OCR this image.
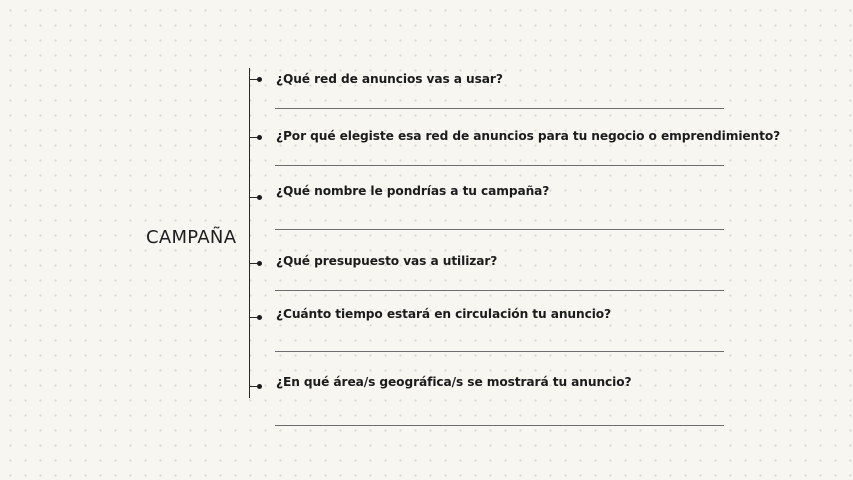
CAMPAÑA
¿Qué red de anuncios vas a usar?
¿Por qué elegiste esa red de anuncios para tu negocio o emprendimiento?
¿Qué nombre le pondrías a tu campaña?
¿Qué presupuesto vas a utilizar?
¿Cuánto tiempo estará en circulación tu anuncio?
¿En qué área/s geográfica/s se mostrará tu anuncio?
